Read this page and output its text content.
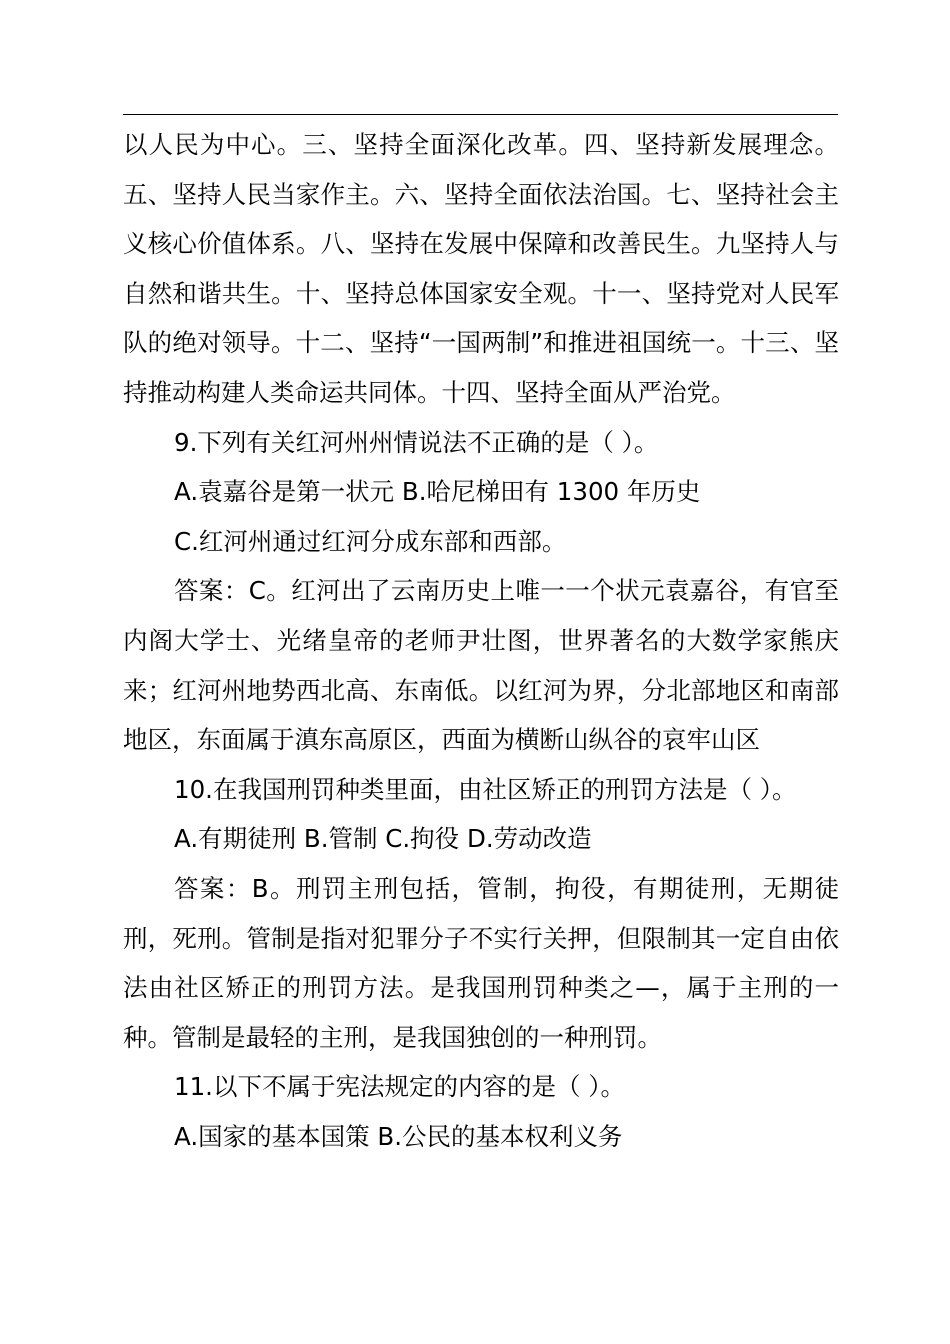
以人民为中心。三、坚持全面深化改革。四、坚持新发展理念。五、坚持人民当家作主。六、坚持全面依法治国。七、坚持社会主义核心价值体系。八、坚持在发展中保障和改善民生。九坚持人与自然和谐共生。十、坚持总体国家安全观。十一、坚持党对人民军队的绝对领导。十二、坚持“一国两制”和推进祖国统一。十三、坚持推动构建人类命运共同体。十四、坚持全面从严治党。

9.下列有关红河州州情说法不正确的是（ ）。

A.袁嘉谷是第一状元 B.哈尼梯田有 1300 年历史

C.红河州通过红河分成东部和西部。

答案：C。红河出了云南历史上唯一一个状元袁嘉谷，有官至内阁大学士、光绪皇帝的老师尹壮图，世界著名的大数学家熊庆来；红河州地势西北高、东南低。以红河为界，分北部地区和南部地区，东面属于滇东高原区，西面为横断山纵谷的哀牢山区

10.在我国刑罚种类里面，由社区矫正的刑罚方法是（ ）。

A.有期徒刑 B.管制 C.拘役 D.劳动改造

答案：B。刑罚主刑包括，管制，拘役，有期徒刑，无期徒刑，死刑。管制是指对犯罪分子不实行关押，但限制其一定自由依法由社区矫正的刑罚方法。是我国刑罚种类之—，属于主刑的一种。管制是最轻的主刑，是我国独创的一种刑罚。

11.以下不属于宪法规定的内容的是（ ）。

A.国家的基本国策 B.公民的基本权利义务
